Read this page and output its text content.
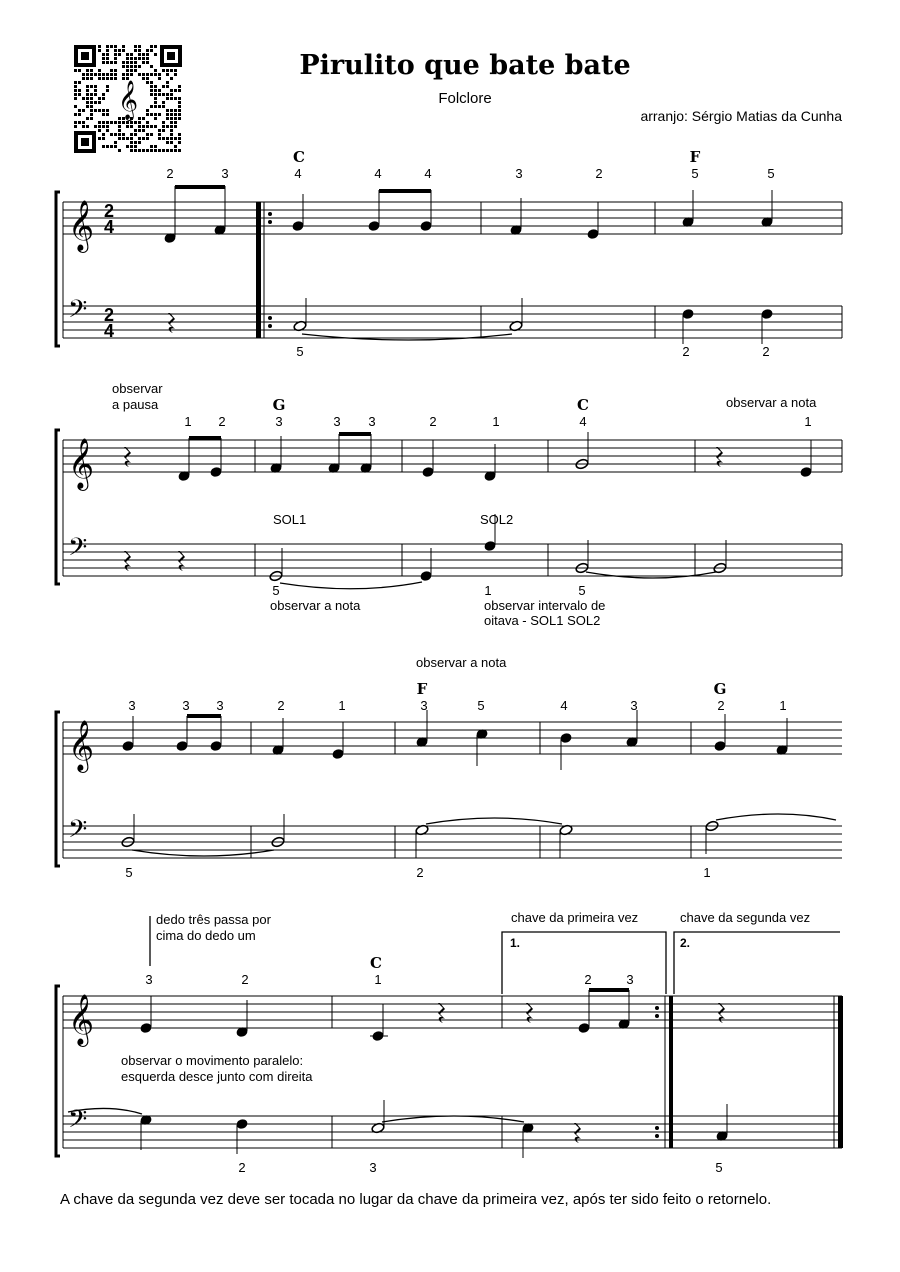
𝄞
Pirulito que bate bate
Folclore
arranjo: Sérgio Matias da Cunha
𝄞
𝄢
2
4
2
4
2	3	4	4	4	3	2	5	5
5	2	2
C	F
𝄞
𝄢
observar
a pausa	observar a nota
SOL1	SOL2
observar a nota	observar intervalo de
oitava - SOL1 SOL2
1 2	3	3 3	2	1	4	1
5	1	5
G	C
𝄞
𝄢
observar a nota
3	3 3	2	1	3	5	4	3	2	1
5	2	1
F	G
𝄞
𝄢
1.	2.
chave da primeira vez	chave da segunda vez
dedo três passa por
cima do dedo um
observar o movimento paralelo:
esquerda desce junto com direita
3	2	1	2	3
2	3	5
C
A chave da segunda vez deve ser tocada no lugar da chave da primeira vez, após ter sido feito o retornelo.
